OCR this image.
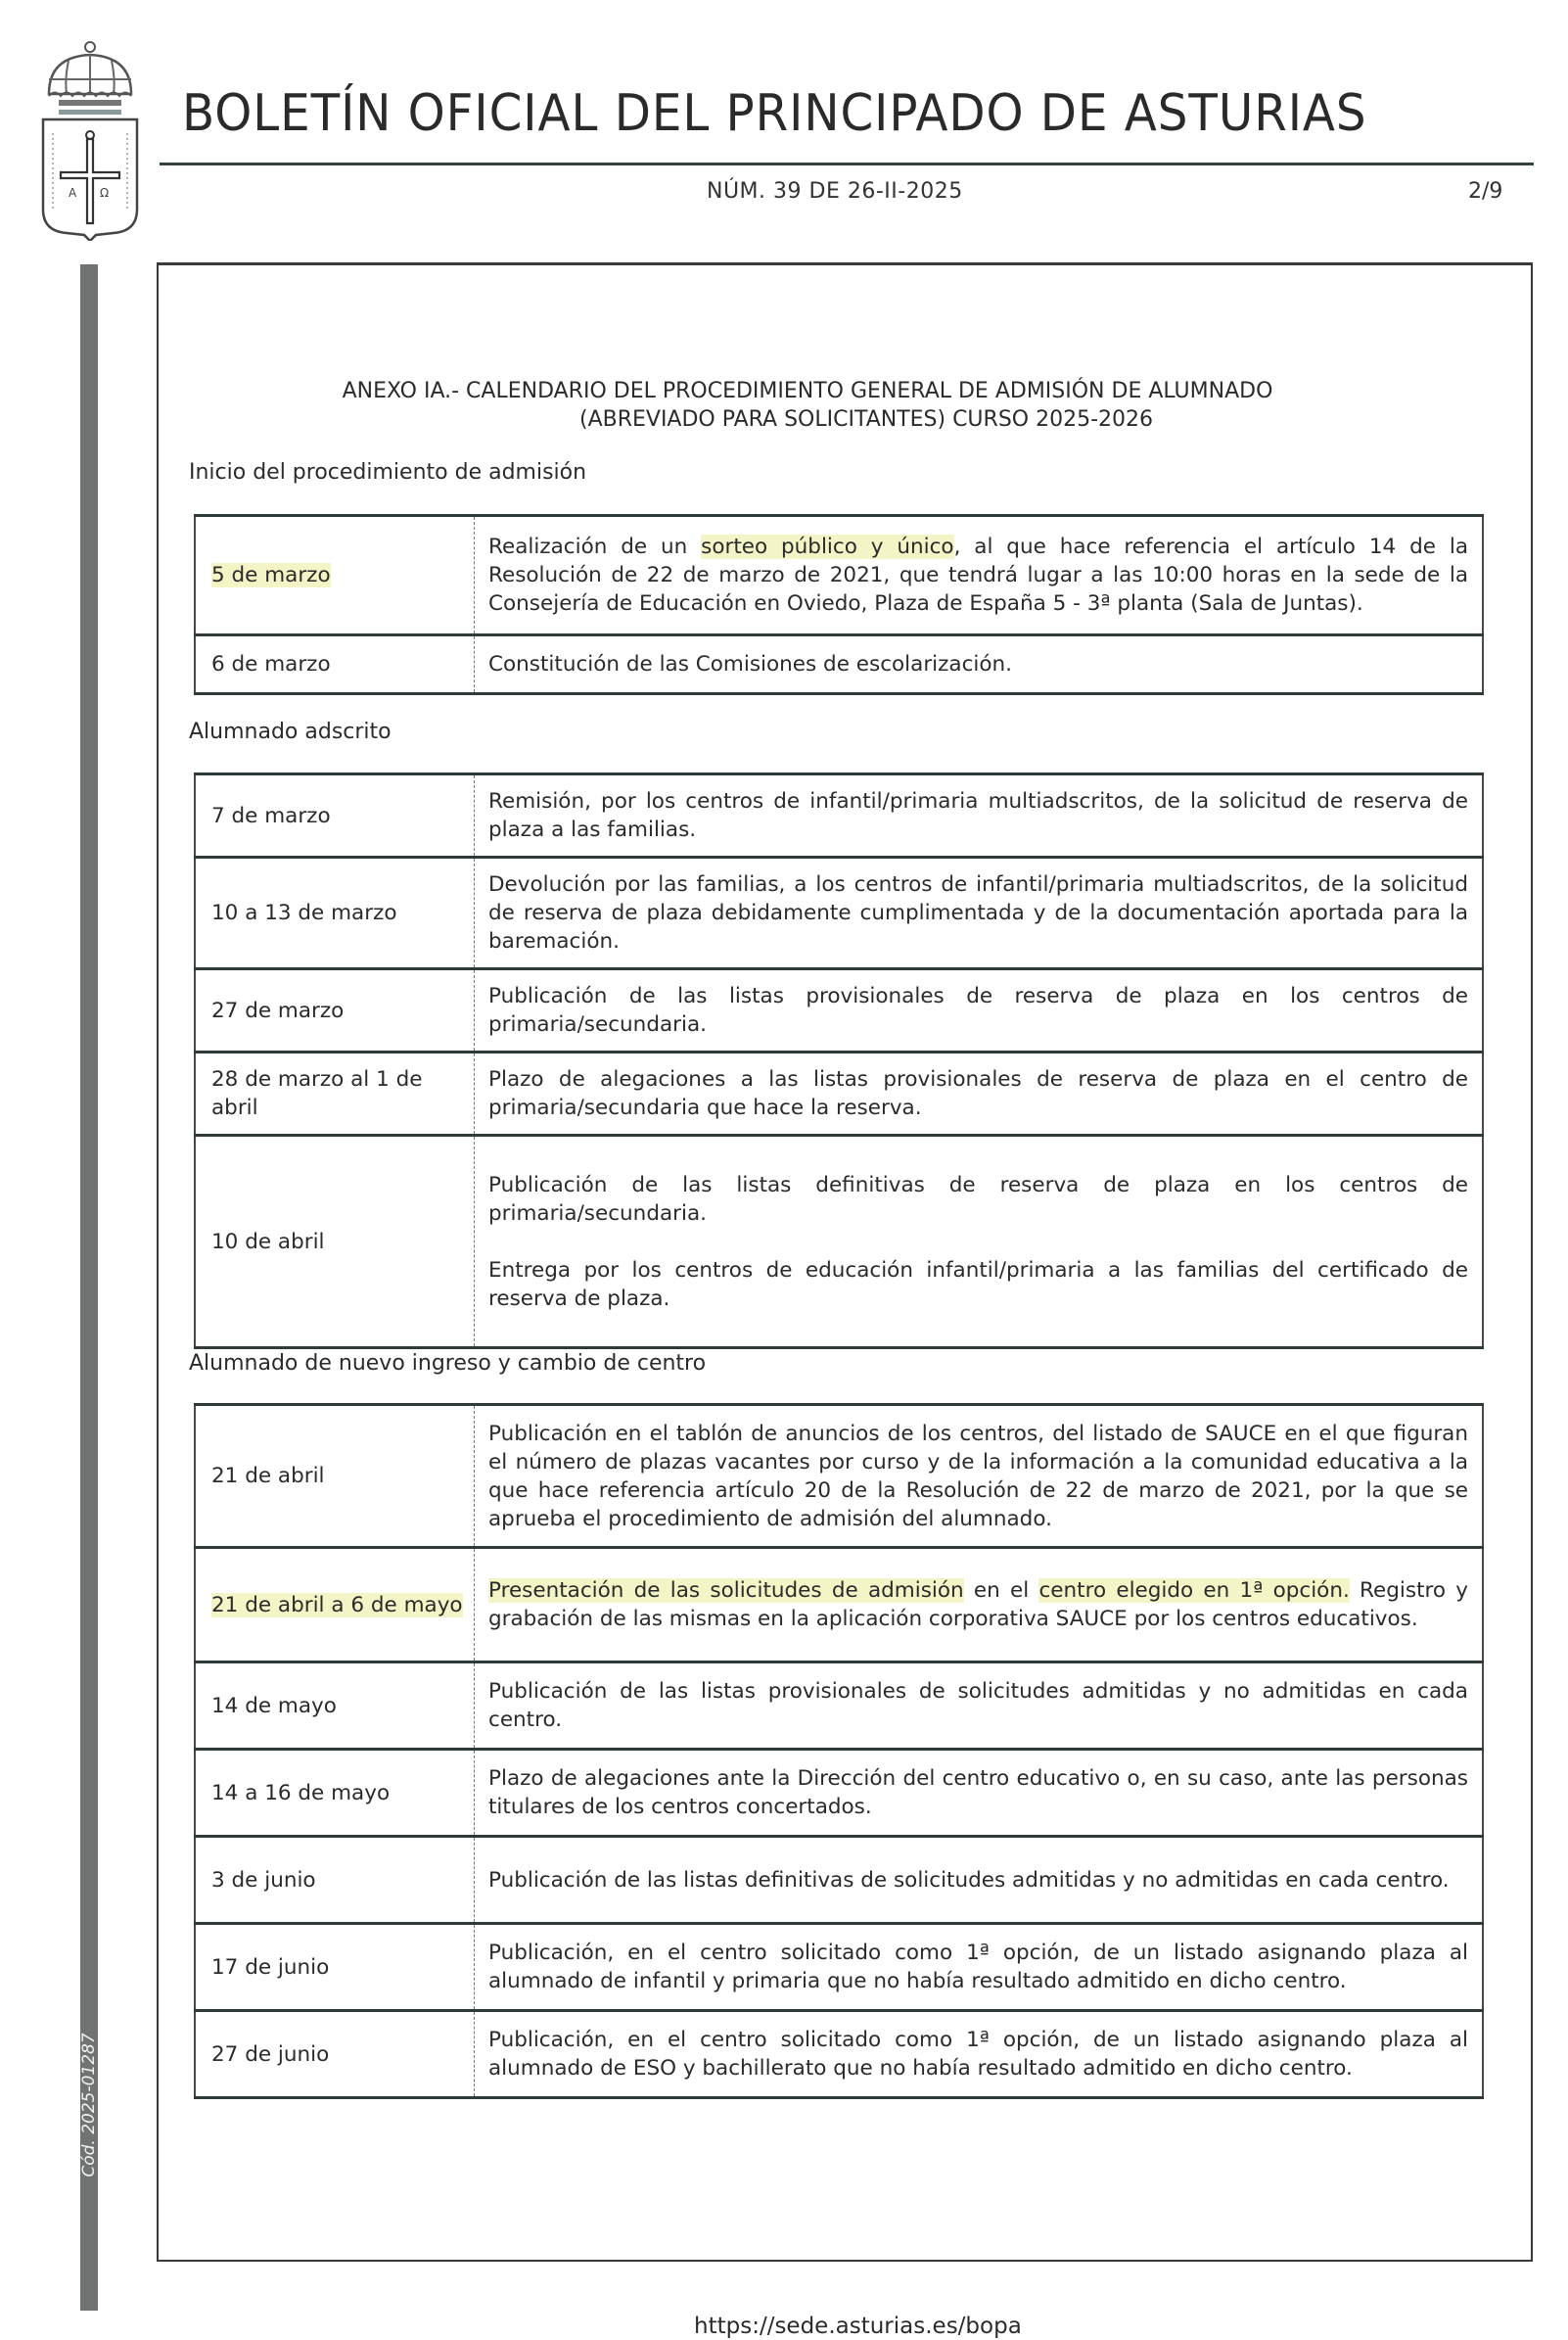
A Ω
BOLETÍN OFICIAL DEL PRINCIPADO DE ASTURIAS
NÚM. 39 DE 26-II-2025	2/9
Cód. 2025-01287
ANEXO IA.- CALENDARIO DEL PROCEDIMIENTO GENERAL DE ADMISIÓN DE ALUMNADO
(ABREVIADO PARA SOLICITANTES) CURSO 2025-2026
Inicio del procedimiento de admisión
5 de marzo	Realización de un sorteo público y único, al que hace referencia el artículo 14 de la Resolución de 22 de marzo de 2021, que tendrá lugar a las 10:00 horas en la sede de la Consejería de Educación en Oviedo, Plaza de España 5 - 3ª planta (Sala de Juntas).
6 de marzo	Constitución de las Comisiones de escolarización.
Alumnado adscrito
7 de marzo	Remisión, por los centros de infantil/primaria multiadscritos, de la solicitud de reserva de plaza a las familias.
10 a 13 de marzo	Devolución por las familias, a los centros de infantil/primaria multiadscritos, de la solicitud de reserva de plaza debidamente cumplimentada y de la documentación aportada para la baremación.
27 de marzo	Publicación de las listas provisionales de reserva de plaza en los centros de primaria/secundaria.
28 de marzo al 1 de abril	Plazo de alegaciones a las listas provisionales de reserva de plaza en el centro de primaria/secundaria que hace la reserva.
10 de abril	Publicación de las listas definitivas de reserva de plaza en los centros de primaria/secundaria.
Entrega por los centros de educación infantil/primaria a las familias del certificado de reserva de plaza.
Alumnado de nuevo ingreso y cambio de centro
21 de abril	Publicación en el tablón de anuncios de los centros, del listado de SAUCE en el que figuran el número de plazas vacantes por curso y de la información a la comunidad educativa a la que hace referencia artículo 20 de la Resolución de 22 de marzo de 2021, por la que se aprueba el procedimiento de admisión del alumnado.
21 de abril a 6 de mayo	Presentación de las solicitudes de admisión en el centro elegido en 1ª opción. Registro y grabación de las mismas en la aplicación corporativa SAUCE por los centros educativos.
14 de mayo	Publicación de las listas provisionales de solicitudes admitidas y no admitidas en cada centro.
14 a 16 de mayo	Plazo de alegaciones ante la Dirección del centro educativo o, en su caso, ante las personas titulares de los centros concertados.
3 de junio	Publicación de las listas definitivas de solicitudes admitidas y no admitidas en cada centro.
17 de junio	Publicación, en el centro solicitado como 1ª opción, de un listado asignando plaza al alumnado de infantil y primaria que no había resultado admitido en dicho centro.
27 de junio	Publicación, en el centro solicitado como 1ª opción, de un listado asignando plaza al alumnado de ESO y bachillerato que no había resultado admitido en dicho centro.
https://sede.asturias.es/bopa
